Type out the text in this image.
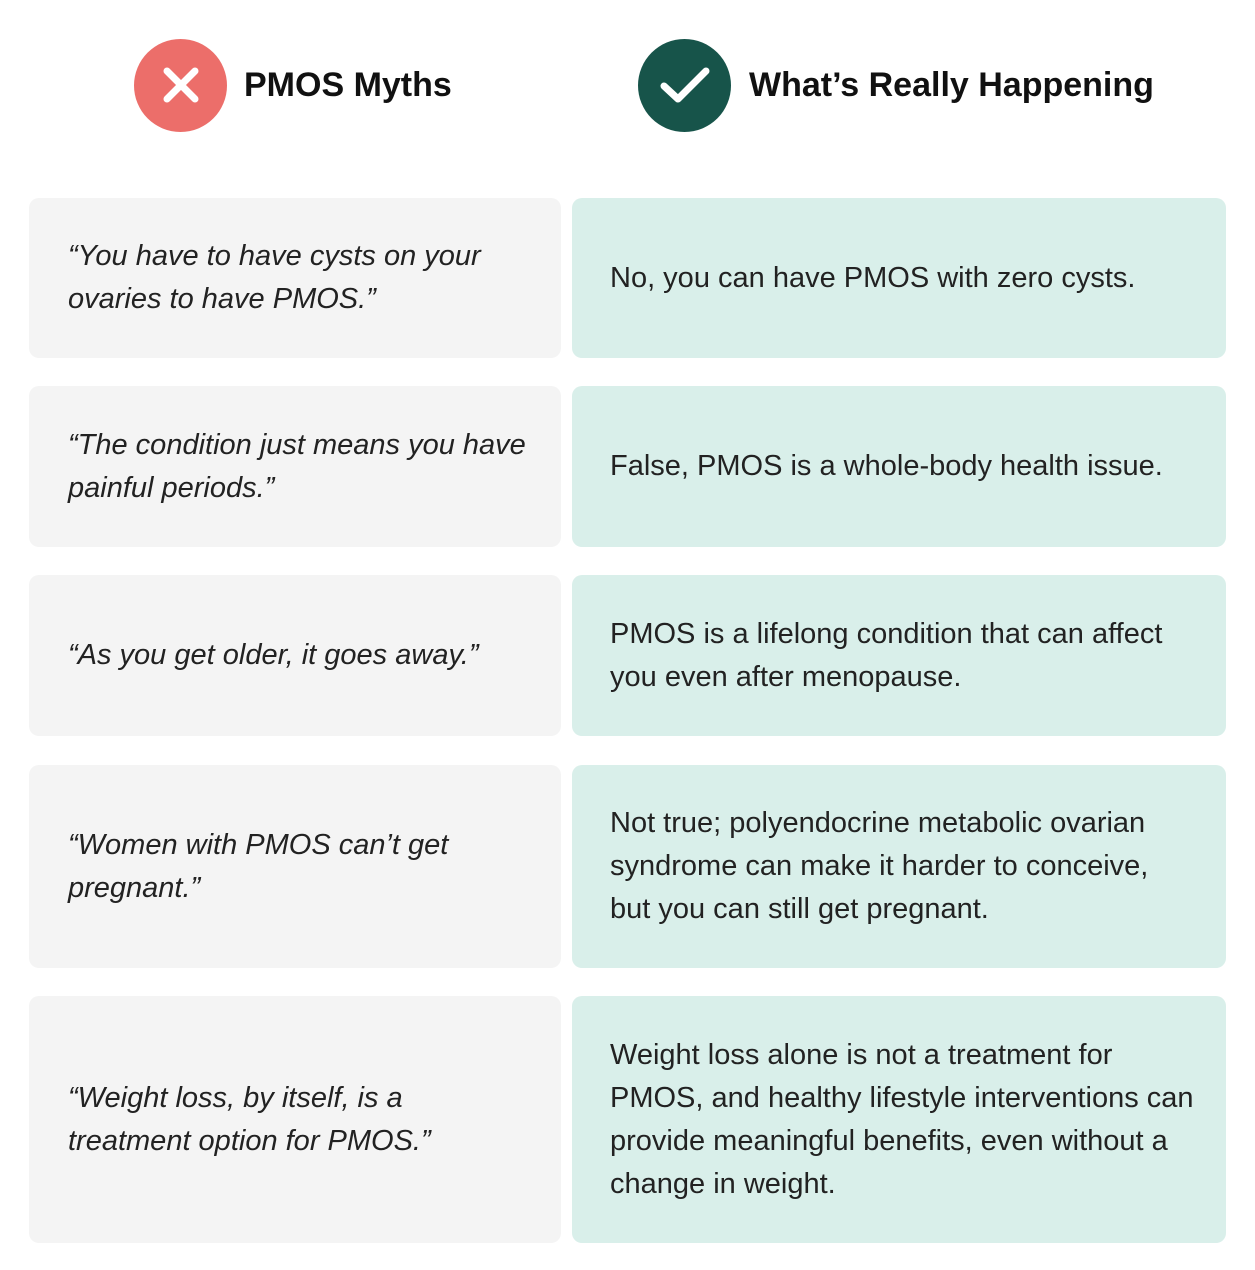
PMOS Myths	What’s Really Happening
“You have to have cysts on your ovaries to have PMOS.”
No, you can have PMOS with zero cysts.
“The condition just means you have painful periods.”
False, PMOS is a whole-body health issue.
“As you get older, it goes away.”
PMOS is a lifelong condition that can affect you even after menopause.
“Women with PMOS can’t get pregnant.”
Not true; polyendocrine metabolic ovarian syndrome can make it harder to conceive, but you can still get pregnant.
“Weight loss, by itself, is a treatment option for PMOS.”
Weight loss alone is not a treatment for PMOS, and healthy lifestyle interventions can provide meaningful benefits, even without a change in weight.
